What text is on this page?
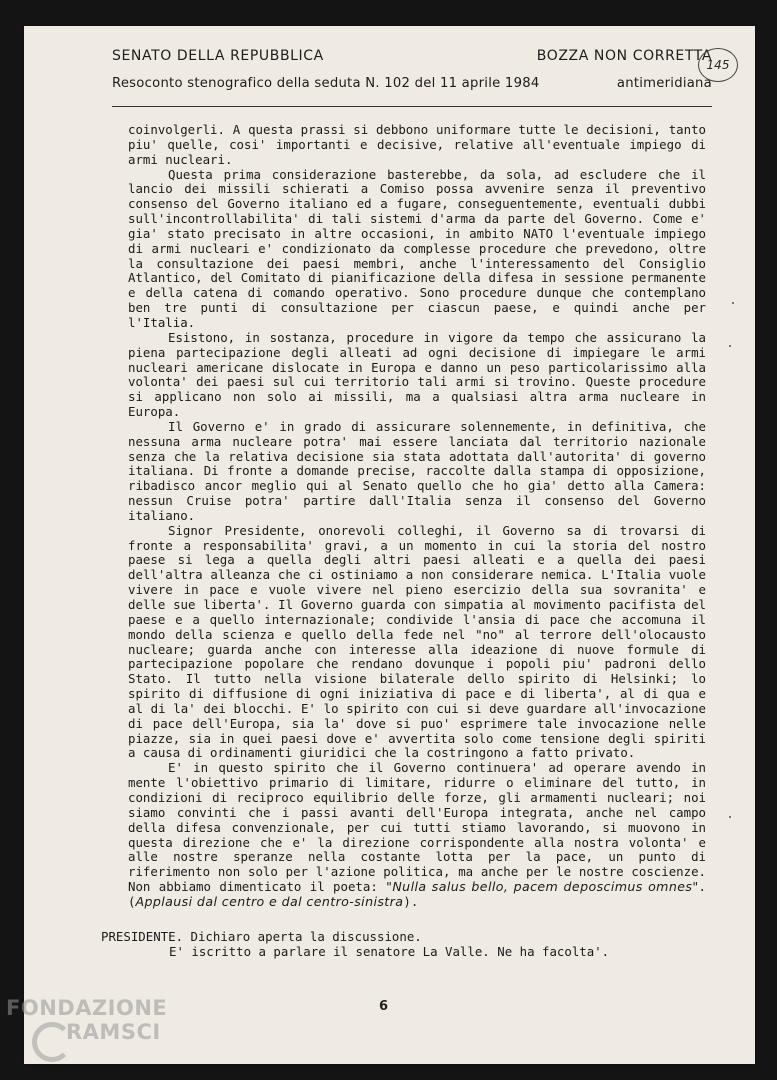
SENATO DELLA REPUBBLICA	BOZZA NON CORRETTA
Resoconto stenografico della seduta N. 102 del 11 aprile 1984	antimeridiana
145

coinvolgerli. A questa prassi si debbono uniformare tutte le decisioni, tanto piu' quelle, cosi' importanti e decisive, relative all'eventuale impiego di armi nucleari.

Questa prima considerazione basterebbe, da sola, ad escludere che il lancio dei missili schierati a Comiso possa avvenire senza il preventivo consenso del Governo italiano ed a fugare, conseguentemente, eventuali dubbi sull'incontrollabilita' di tali sistemi d'arma da parte del Governo. Come e' gia' stato precisato in altre occasioni, in ambito NATO l'eventuale impiego di armi nucleari e' condizionato da complesse procedure che prevedono, oltre la consultazione dei paesi membri, anche l'interessamento del Consiglio Atlantico, del Comitato di pianificazione della difesa in sessione permanente e della catena di comando operativo. Sono procedure dunque che contemplano ben tre punti di consultazione per ciascun paese, e quindi anche per l'Italia.

Esistono, in sostanza, procedure in vigore da tempo che assicurano la piena partecipazione degli alleati ad ogni decisione di impiegare le armi nucleari americane dislocate in Europa e danno un peso particolarissimo alla volonta' dei paesi sul cui territorio tali armi si trovino. Queste procedure si applicano non solo ai missili, ma a qualsiasi altra arma nucleare in Europa.

Il Governo e' in grado di assicurare solennemente, in definitiva, che nessuna arma nucleare potra' mai essere lanciata dal territorio nazionale senza che la relativa decisione sia stata adottata dall'autorita' di governo italiana. Di fronte a domande precise, raccolte dalla stampa di opposizione, ribadisco ancor meglio qui al Senato quello che ho gia' detto alla Camera: nessun Cruise potra' partire dall'Italia senza il consenso del Governo italiano.

Signor Presidente, onorevoli colleghi, il Governo sa di trovarsi di fronte a responsabilita' gravi, a un momento in cui la storia del nostro paese si lega a quella degli altri paesi alleati e a quella dei paesi dell'altra alleanza che ci ostiniamo a non considerare nemica. L'Italia vuole vivere in pace e vuole vivere nel pieno esercizio della sua sovranita' e delle sue liberta'. Il Governo guarda con simpatia al movimento pacifista del paese e a quello internazionale; condivide l'ansia di pace che accomuna il mondo della scienza e quello della fede nel "no" al terrore dell'olocausto nucleare; guarda anche con interesse alla ideazione di nuove formule di partecipazione popolare che rendano dovunque i popoli piu' padroni dello Stato. Il tutto nella visione bilaterale dello spirito di Helsinki; lo spirito di diffusione di ogni iniziativa di pace e di liberta', al di qua e al di la' dei blocchi. E' lo spirito con cui si deve guardare all'invocazione di pace dell'Europa, sia la' dove si puo' esprimere tale invocazione nelle piazze, sia in quei paesi dove e' avvertita solo come tensione degli spiriti a causa di ordinamenti giuridici che la costringono a fatto privato.

E' in questo spirito che il Governo continuera' ad operare avendo in mente l'obiettivo primario di limitare, ridurre o eliminare del tutto, in condizioni di reciproco equilibrio delle forze, gli armamenti nucleari; noi siamo convinti che i passi avanti dell'Europa integrata, anche nel campo della difesa convenzionale, per cui tutti stiamo lavorando, si muovono in questa direzione che e' la direzione corrispondente alla nostra volonta' e alle nostre speranze nella costante lotta per la pace, un punto di riferimento non solo per l'azione politica, ma anche per le nostre coscienze. Non abbiamo dimenticato il poeta: "Nulla salus bello, pacem deposcimus omnes". (Applausi dal centro e dal centro-sinistra).

PRESIDENTE. Dichiaro aperta la discussione.
E' iscritto a parlare il senatore La Valle. Ne ha facolta'.
6
FONDAZIONE
RAMSCI
